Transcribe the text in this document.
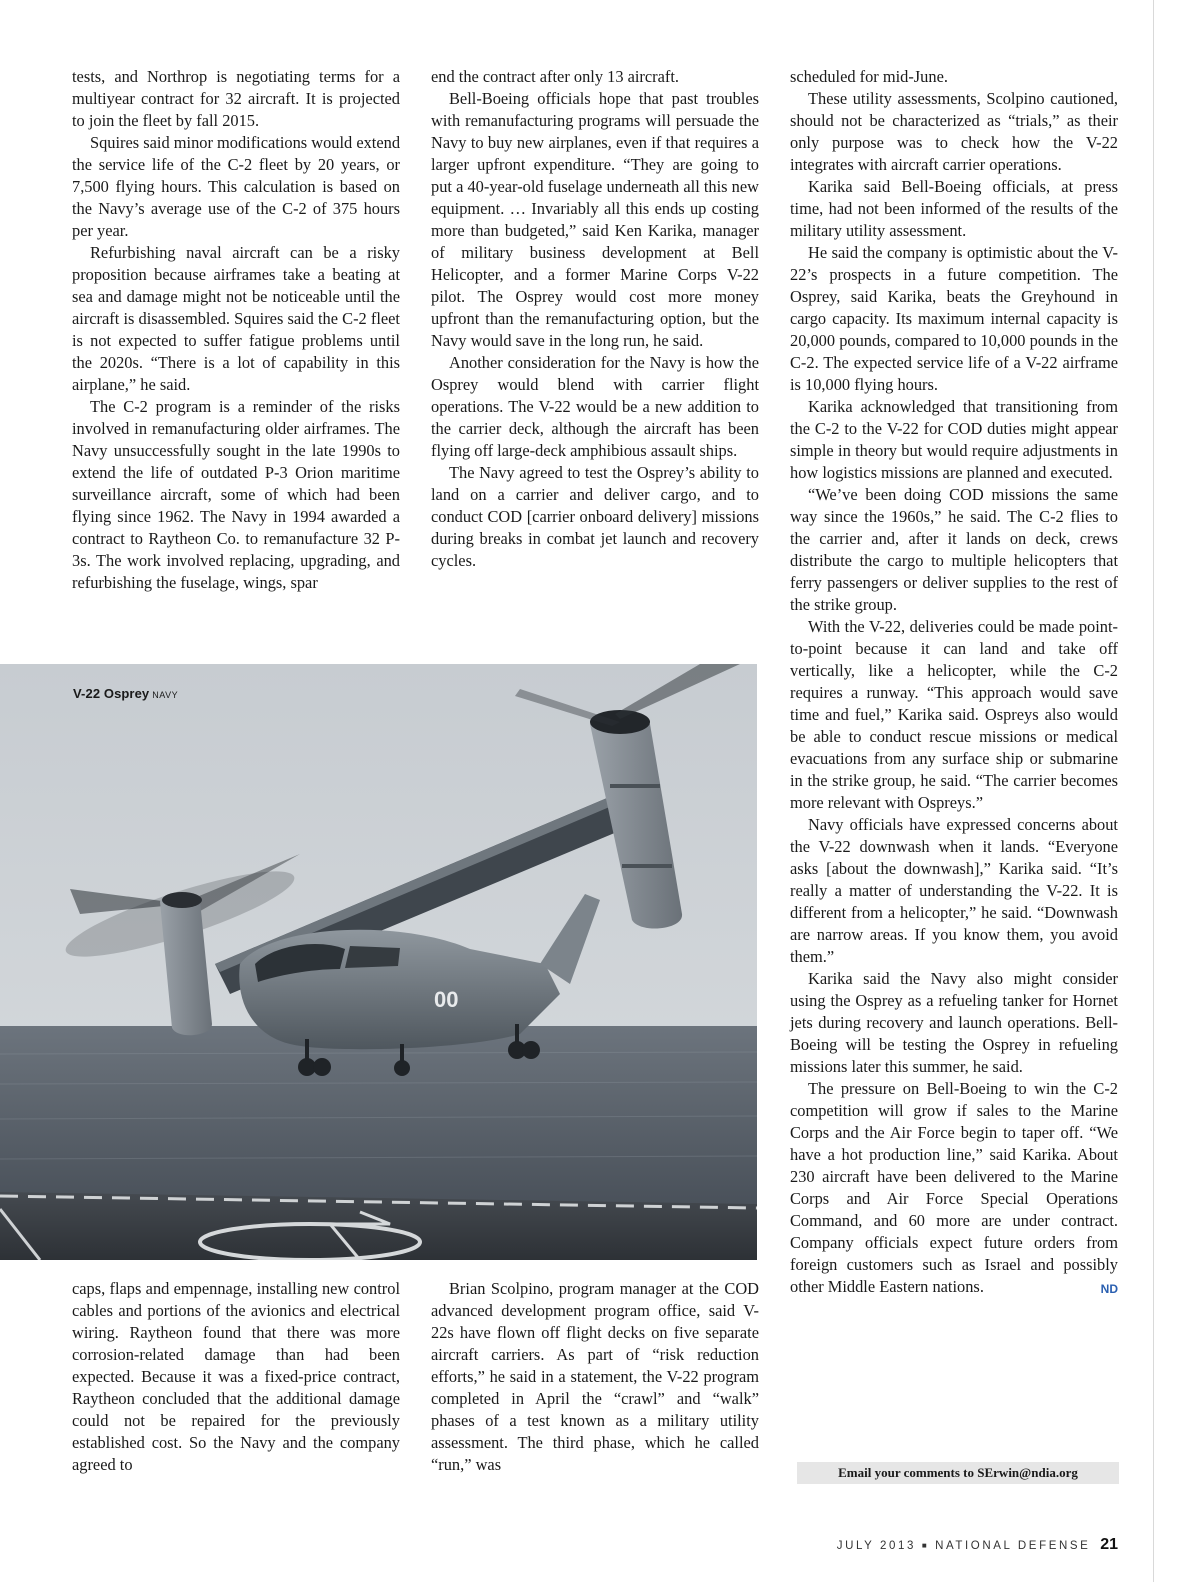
tests, and Northrop is negotiating terms for a multiyear contract for 32 aircraft. It is projected to join the fleet by fall 2015.

Squires said minor modifications would extend the service life of the C-2 fleet by 20 years, or 7,500 flying hours. This calculation is based on the Navy’s average use of the C-2 of 375 hours per year.

Refurbishing naval aircraft can be a risky proposition because airframes take a beating at sea and damage might not be noticeable until the aircraft is disassembled. Squires said the C-2 fleet is not expected to suffer fatigue problems until the 2020s. “There is a lot of capability in this airplane,” he said.

The C-2 program is a reminder of the risks involved in remanufacturing older airframes. The Navy unsuccessfully sought in the late 1990s to extend the life of outdated P-3 Orion maritime surveillance aircraft, some of which had been flying since 1962. The Navy in 1994 awarded a contract to Raytheon Co. to remanufacture 32 P-3s. The work involved replacing, upgrading, and refurbishing the fuselage, wings, spar

end the contract after only 13 aircraft.

Bell-Boeing officials hope that past troubles with remanufacturing programs will persuade the Navy to buy new airplanes, even if that requires a larger upfront expenditure. “They are going to put a 40-year-old fuselage underneath all this new equipment. … Invariably all this ends up costing more than budgeted,” said Ken Karika, manager of military business development at Bell Helicopter, and a former Marine Corps V-22 pilot. The Osprey would cost more money upfront than the remanufacturing option, but the Navy would save in the long run, he said.

Another consideration for the Navy is how the Osprey would blend with carrier flight operations. The V-22 would be a new addition to the carrier deck, although the aircraft has been flying off large-deck amphibious assault ships.

The Navy agreed to test the Osprey’s ability to land on a carrier and deliver cargo, and to conduct COD [carrier onboard delivery] missions during breaks in combat jet launch and recovery cycles.

scheduled for mid-June.

These utility assessments, Scolpino cautioned, should not be characterized as “trials,” as their only purpose was to check how the V-22 integrates with aircraft carrier operations.

Karika said Bell-Boeing officials, at press time, had not been informed of the results of the military utility assessment.

He said the company is optimistic about the V-22’s prospects in a future competition. The Osprey, said Karika, beats the Greyhound in cargo capacity. Its maximum internal capacity is 20,000 pounds, compared to 10,000 pounds in the C-2. The expected service life of a V-22 airframe is 10,000 flying hours.

Karika acknowledged that transitioning from the C-2 to the V-22 for COD duties might appear simple in theory but would require adjustments in how logistics missions are planned and executed.

“We’ve been doing COD missions the same way since the 1960s,” he said. The C-2 flies to the carrier and, after it lands on deck, crews distribute the cargo to multiple helicopters that ferry passengers or deliver supplies to the rest of the strike group.

With the V-22, deliveries could be made point-to-point because it can land and take off vertically, like a helicopter, while the C-2 requires a runway. “This approach would save time and fuel,” Karika said. Ospreys also would be able to conduct rescue missions or medical evacuations from any surface ship or submarine in the strike group, he said. “The carrier becomes more relevant with Ospreys.”

Navy officials have expressed concerns about the V-22 downwash when it lands. “Everyone asks [about the downwash],” Karika said. “It’s really a matter of understanding the V-22. It is different from a helicopter,” he said. “Downwash are narrow areas. If you know them, you avoid them.”

Karika said the Navy also might consider using the Osprey as a refueling tanker for Hornet jets during recovery and launch operations. Bell-Boeing will be testing the Osprey in refueling missions later this summer, he said.

The pressure on Bell-Boeing to win the C-2 competition will grow if sales to the Marine Corps and the Air Force begin to taper off. “We have a hot production line,” said Karika. About 230 aircraft have been delivered to the Marine Corps and Air Force Special Operations Command, and 60 more are under contract. Company officials expect future orders from foreign customers such as Israel and possibly other Middle Eastern nations.	ND

00
V-22 Osprey NAVY

caps, flaps and empennage, installing new control cables and portions of the avionics and electrical wiring. Raytheon found that there was more corrosion-related damage than had been expected. Because it was a fixed-price contract, Raytheon concluded that the additional damage could not be repaired for the previously established cost. So the Navy and the company agreed to

Brian Scolpino, program manager at the COD advanced development program office, said V-22s have flown off flight decks on five separate aircraft carriers. As part of “risk reduction efforts,” he said in a statement, the V-22 program completed in April the “crawl” and “walk” phases of a test known as a military utility assessment. The third phase, which he called “run,” was	Email your comments to SErwin@ndia.org
JULY 2013 ■ NATIONAL DEFENSE 21
